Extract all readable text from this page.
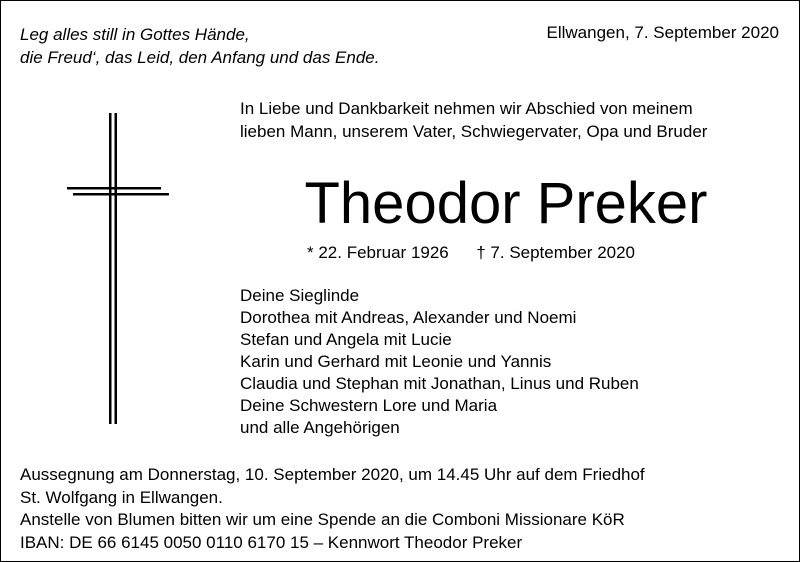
Leg alles still in Gottes Hände,
die Freud‘, das Leid, den Anfang und das Ende.
Ellwangen, 7. September 2020
In Liebe und Dankbarkeit nehmen wir Abschied von meinem
lieben Mann, unserem Vater, Schwiegervater, Opa und Bruder
Theodor Preker
* 22. Februar 1926 † 7. September 2020
Deine Sieglinde
Dorothea mit Andreas, Alexander und Noemi
Stefan und Angela mit Lucie
Karin und Gerhard mit Leonie und Yannis
Claudia und Stephan mit Jonathan, Linus und Ruben
Deine Schwestern Lore und Maria
und alle Angehörigen
Aussegnung am Donnerstag, 10. September 2020, um 14.45 Uhr auf dem Friedhof
St. Wolfgang in Ellwangen.
Anstelle von Blumen bitten wir um eine Spende an die Comboni Missionare KöR
IBAN: DE 66 6145 0050 0110 6170 15 – Kennwort Theodor Preker
